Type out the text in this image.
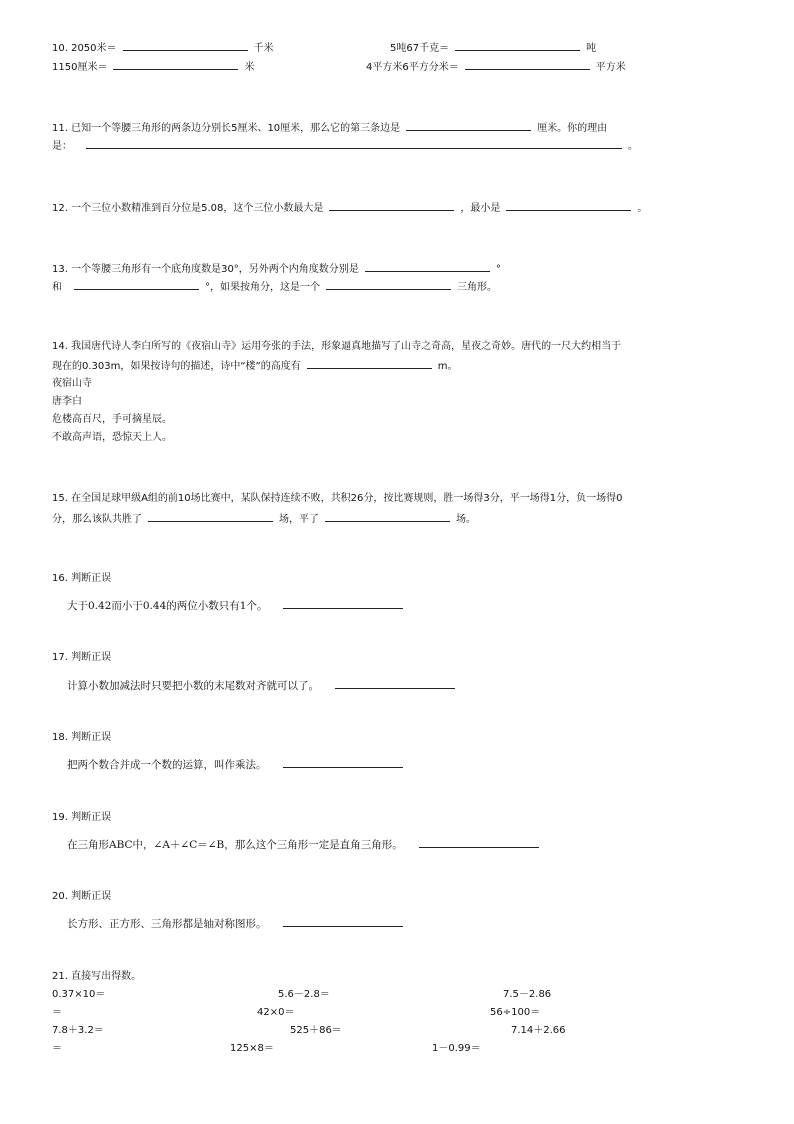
10. 2050米＝	千米	5吨67千克＝	吨
1150厘米＝	米	4平方米6平方分米＝	平方米
11. 已知一个等腰三角形的两条边分别长5厘米、10厘米，那么它的第三条边是	厘米。你的理由
是：	。
12. 一个三位小数精准到百分位是5.08，这个三位小数最大是	，最小是	。
13. 一个等腰三角形有一个底角度数是30°，另外两个内角度数分别是	°
和	°，如果按角分，这是一个	三角形。
14. 我国唐代诗人李白所写的《夜宿山寺》运用夸张的手法，形象逼真地描写了山寺之奇高，星夜之奇妙。唐代的一尺大约相当于
现在的0.303m，如果按诗句的描述，诗中“楼”的高度有	m。
夜宿山寺
唐李白
危楼高百尺，手可摘星辰。
不敢高声语，恐惊天上人。
15. 在全国足球甲级A组的前10场比赛中，某队保持连续不败，共积26分，按比赛规则，胜一场得3分，平一场得1分，负一场得0
分，那么该队共胜了	场，平了	场。
16. 判断正误
大于0.42而小于0.44的两位小数只有1个。
17. 判断正误
计算小数加减法时只要把小数的末尾数对齐就可以了。
18. 判断正误
把两个数合并成一个数的运算，叫作乘法。
19. 判断正误
在三角形ABC中，∠A＋∠C＝∠B，那么这个三角形一定是直角三角形。
20. 判断正误
长方形、正方形、三角形都是轴对称图形。
21. 直接写出得数。
0.37×10＝	5.6－2.8＝	7.5－2.86
＝	42×0＝	56÷100＝
7.8＋3.2＝	525＋86＝	7.14＋2.66
＝	125×8＝	1－0.99＝
